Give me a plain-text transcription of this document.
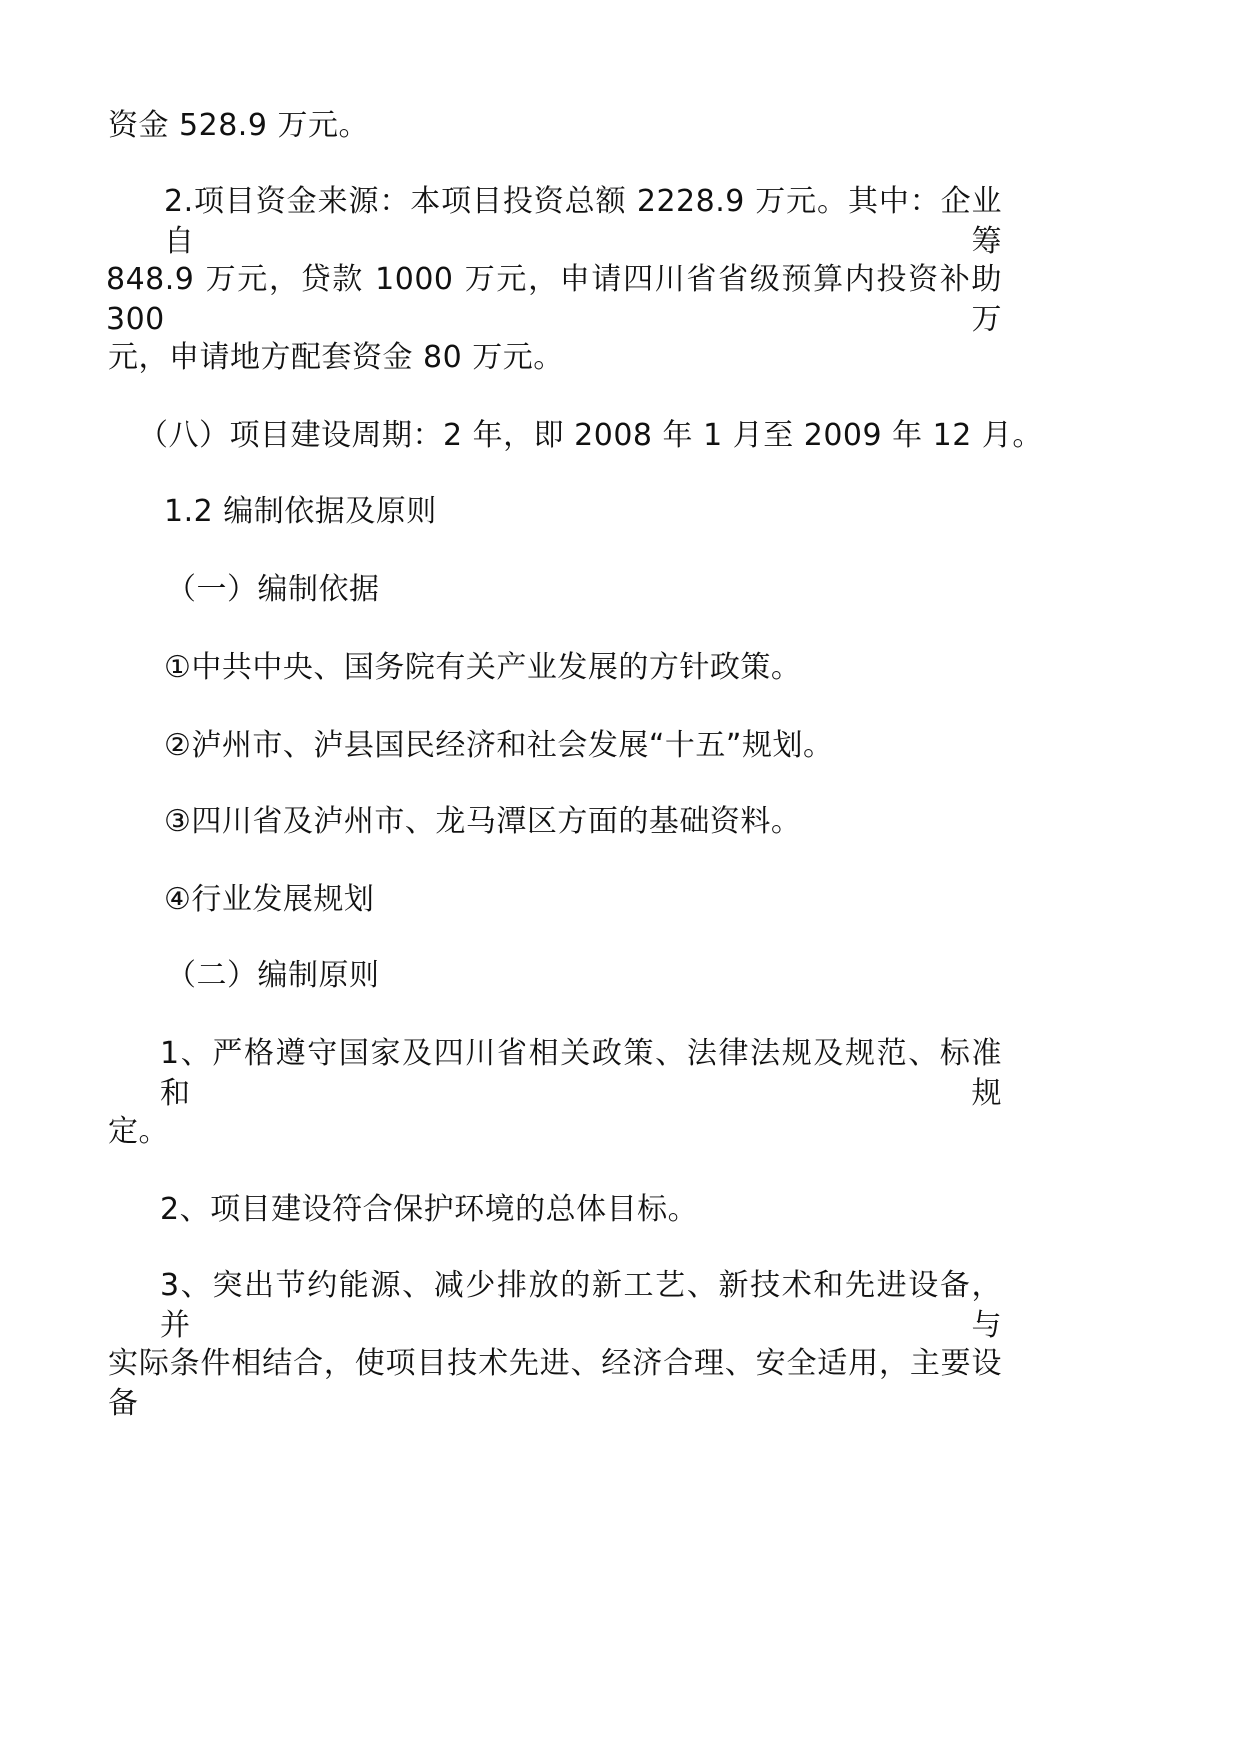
资金 528.9 万元。
2.项目资金来源：本项目投资总额 2228.9 万元。其中：企业自筹
848.9 万元，贷款 1000 万元，申请四川省省级预算内投资补助 300 万
元，申请地方配套资金 80 万元。
（八）项目建设周期：2 年，即 2008 年 1 月至 2009 年 12 月。
1.2 编制依据及原则
（一）编制依据
①中共中央、国务院有关产业发展的方针政策。
②泸州市、泸县国民经济和社会发展“十五”规划。
③四川省及泸州市、龙马潭区方面的基础资料。
④行业发展规划
（二）编制原则
1、严格遵守国家及四川省相关政策、法律法规及规范、标准和规
定。
2、项目建设符合保护环境的总体目标。
3、突出节约能源、减少排放的新工艺、新技术和先进设备，并与
实际条件相结合，使项目技术先进、经济合理、安全适用，主要设备
